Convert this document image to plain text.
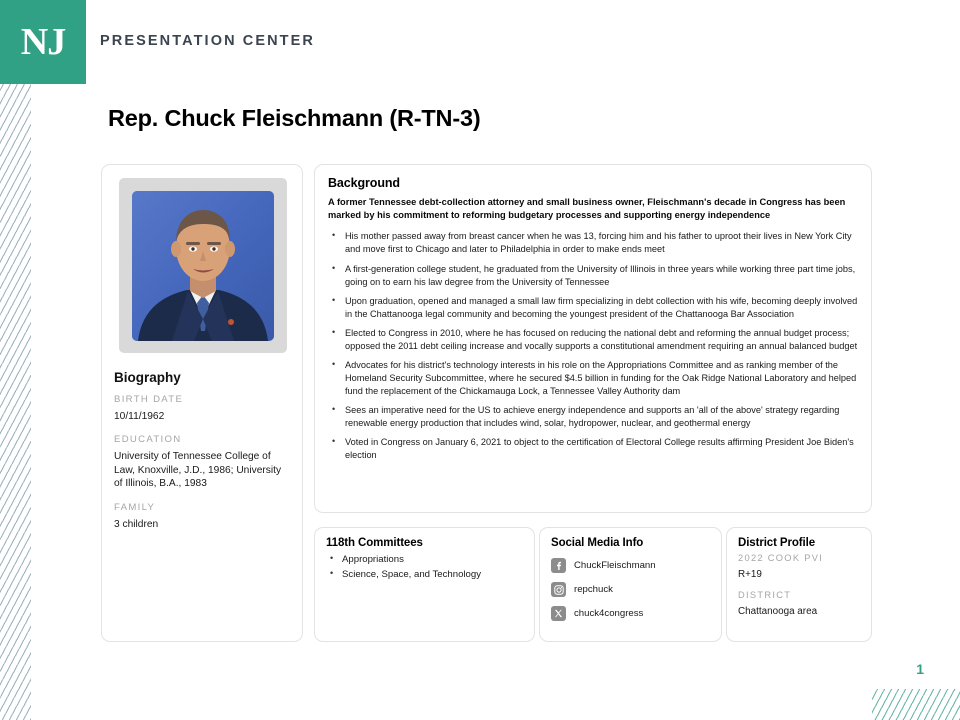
NJ PRESENTATION CENTER
Rep. Chuck Fleischmann (R-TN-3)
Biography
BIRTH DATE
10/11/1962
EDUCATION
University of Tennessee College of Law, Knoxville, J.D., 1986; University of Illinois, B.A., 1983
FAMILY
3 children
Background
A former Tennessee debt-collection attorney and small business owner, Fleischmann's decade in Congress has been marked by his commitment to reforming budgetary processes and supporting energy independence
• His mother passed away from breast cancer when he was 13, forcing him and his father to uproot their lives in New York City and move first to Chicago and later to Philadelphia in order to make ends meet
• A first-generation college student, he graduated from the University of Illinois in three years while working three part time jobs, going on to earn his law degree from the University of Tennessee
• Upon graduation, opened and managed a small law firm specializing in debt collection with his wife, becoming deeply involved in the Chattanooga legal community and becoming the youngest president of the Chattanooga Bar Association
• Elected to Congress in 2010, where he has focused on reducing the national debt and reforming the annual budget process; opposed the 2011 debt ceiling increase and vocally supports a constitutional amendment requiring an annual balanced budget
• Advocates for his district's technology interests in his role on the Appropriations Committee and as ranking member of the Homeland Security Subcommittee, where he secured $4.5 billion in funding for the Oak Ridge National Laboratory and helped fund the replacement of the Chickamauga Lock, a Tennessee Valley Authority dam
• Sees an imperative need for the US to achieve energy independence and supports an 'all of the above' strategy regarding renewable energy production that includes wind, solar, hydropower, nuclear, and geothermal energy
• Voted in Congress on January 6, 2021 to object to the certification of Electoral College results affirming President Joe Biden's election
118th Committees
• Appropriations
• Science, Space, and Technology
Social Media Info
ChuckFleischmann
repchuck
chuck4congress
District Profile
2022 COOK PVI
R+19
DISTRICT
Chattanooga area
1
